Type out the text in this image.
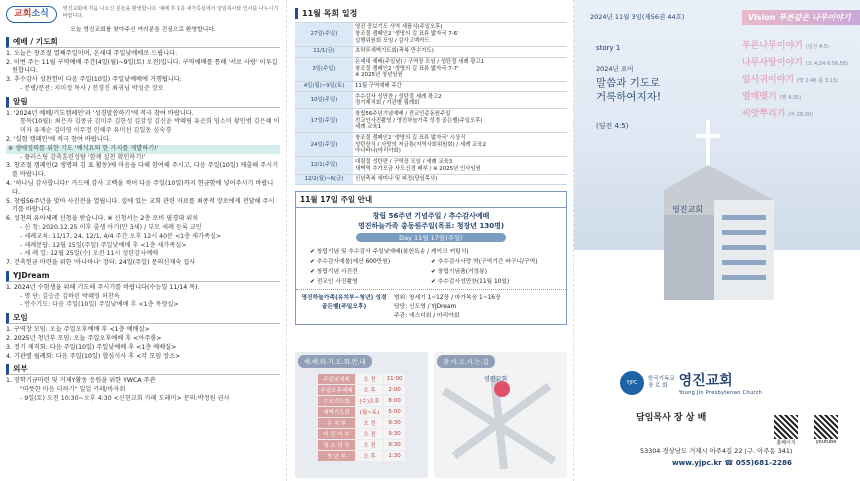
교회소식	영진교회에 처음 나오신 분들을 환영합니다. 예배 후 1층 새가족실에서 당임목사와 인사를 나누시기 바랍니다.
오늘 영진교회를 찾아주신 여러분을 진심으로 환영합니다.
예배 / 기도회
1. 오늘은 창조절 열째주일이며, 온세대 주일낮예배로 드립니다.
2. 이번 주는 11월 구역예배 주간(4일(월)~9일(토) 오전)입니다. 구역예배를 통해 '서로 사랑' 이루길 원합니다.
3. 추수감사 성찬헌이 다음 주일(10일) 주일낮예배에 거행됩니다.
- 분병/분잔: 지미정 목사 / 전경진 최귀님 박성준 장로
알림
1. '2024년 예배/기도캠페인'과 '성경말씀하기'에 적극 참여 바랍니다.
통독(10월): 최은자 김종규 김미주 김한성 김감성 김신윤 박혜림 유순희 임소미 황인범 김은혜 이미자 유재순 김미영 이무정 인해주 유미선 김일동 심숙경
2. '실험 캠페인'에 적극 참여 바랍니다.
※ 생애정의를 위한 기도 '예식요의 한 가지를 개발하기!'
- 플러스팅 감축훈련성탐 '함께 실천 확인하기!'
3. 창조절 캠페인(2 생명의 김 표 활동)에 마음을 다해 참여해 주시고, 다음 주일(10일) 제출해 주시기를 바랍니다.
4. '하나님 감사합니다!' 카드에 감사 고백을 적어 다음 주일(10일)까지 헌금함에 넣어주시기 바랍니다.
5. 창립56주년을 맞아 사진전을 열립니다. 집에 있는 교회 관련 자료를 최종적 장로에게 전달해 주시기를 바랍니다.
6. 성천의 유아세례 신청을 받습니다. ※ 신청서는 2층 로비 필경대 위치
- 신 청: 2020.12.25 이후 출생 아기(만 3세) / 부모 세례 등록 교인
- 세례교육: 11/17, 24, 12/1, 4/4 주간 오후 12시 40분 <1층 새가족실>
- 세례문답: 12월 15일(주일) 주일낮예배 후 <1층 새가족실>
- 세 례 일: 12월 25일(수) 오전 11시 성탄감사예배
7. 건축헌금 마련을 위한 '아나바나' 장터: 24일(주일) 문의신재숙 집사
YJDream
1. 2024년 수험생을 위해 기도해 주시기를 바랍니다(수능일 11/14 목).
- 명 단: 김승준 김하린 박혜영 허찬옥
- 안수기도: 다음 주일(10일) 주일낮예배 후 <1층 목양실>
모임
1. 구역장 모임: 오늘 주일오후예배 후 <1층 예배실>
2. 2025년 청년부 모임: 오늘 주일오후예배 후 <아주룸>
3. 정기 제직회: 다음 주일(10일) 주일낮예배 후 <1층 예배실>
4. 기관별 월례회: 다음 주일(10일) 협심식사 후 <각 모임 장소>
외부
1. 장학기금마련 및 거제Y활동 응원을 위한 YWCA 주관
"따뜻한 마음 더하기" 일일 카페/바자회
- 9일(토) 오전 10:30~오후 4:30 <신현교회 카페 도레미> 문의:박정원 권사
11월 목회 일정
27일(주일)	영진 중보기도 사역 세플식(주일오후)
창조절 캠페인2 '생명의 길 표류 밟자국 7-6'
실행위원회 모임 / 감사고백카드

11/1(금)	초하루새벽기도회(축복 만수기도)

3일(주일)	온세대 예배(주일낮) / 구역장 모임 / 성탄절 세례 광고1
창조절 캠페인2 '생명의 길 표류 밟자국 7-7'
※ 2025년 청년임원

4일(월)~9일(토)	11월 구역예배 주간

10일(주일)	추수감사 성만찬 / 성탄절 세례 광고2
정기제직회 / 기관별 월례회

17일(주일)	창립56주년기념예배 / 전교인총동원주일
전교인사진촬영 / 영진하늘가족 성경 골든벨(주일오후)
세례 교육1

24일(주일)	창조절 캠페인2 '생명의 길 표류 밟자국' 시상식
성탄장식 / 사랑의 저금통(지역사회위원회) / 세례 교육2
아나바나(마리아회)

12/1(주일)	대림절 성탄편 / 구역장 모임 / 세례 교육3
새벽역 추가모금 사도신경 배부 / ※ 2025년 인사임원

12/2(월)~6(금)	신년축복 세미나 및 피정(당임목사)
11월 17일 주일 안내
창립 56주년 기념주일 / 추수감사예배
영진하늘가족 총동원주일(목표: 청장년 130명)
Day 11월 17일(주일)
✔ 창립기념 및 추수감사 주일낮예배(봉헌특송 / 케이크 커팅식)
✔ 추수감사예물(예산 600만원)	✔ 추수감사사랑 떡(구역기간 바구니/구역)
✔ 창립기념 사진전	✔ 창립기념품(거정봉)
✔ 전교인 사진촬영	✔ 추수감사성만찬(11월 10일)
영진하늘가족(유치부~청년) 성경 골든벨(주일오후)
범위: 창세기 1~12장 / 마가복음 1~16장
담당: 신도영 / YJDream
주관: 에스더회 / 마리아회
예.배.와.기.도.회.안.내
주일낮예배	오 전	11:00
주일오후예배	오 후	2:00
수요기도회	(수)오후	8:00
새벽기도회	(월~토)	5:00
유 치 부	오 전	9:30
어 린 이 부	오 전	9:30
청 소 년 부	오 전	9:30
청 년 부	오 후	1:30
찾.아.오.시.는.길
영진교회
2024년 11월 3일(제56권 44호)	Vision 푸른같은 나무이야기
푸른나무이야기 (딤전 4:5)
나무사랑이야기 (요 4:24 6:56,58)
잎사귀이야기 (행 2:46 롬 3:13)
열매맺기 (행 4:35)
씨앗뿌리기 (마 28:20)
story 1
2024년 표어
말씀과 기도로
거룩하여지자!
(딤전 4:5)
영진교회
YJPC
한국기독교
장 로 회 영진교회
Young Jin Presbyterian Church
담임목사 장 상 배
홈페이지	youtube
53304 경상남도 거제시 아주4길 22 (구. 아주동 341)
www.yjpc.kr ☎ 055)681-2286
